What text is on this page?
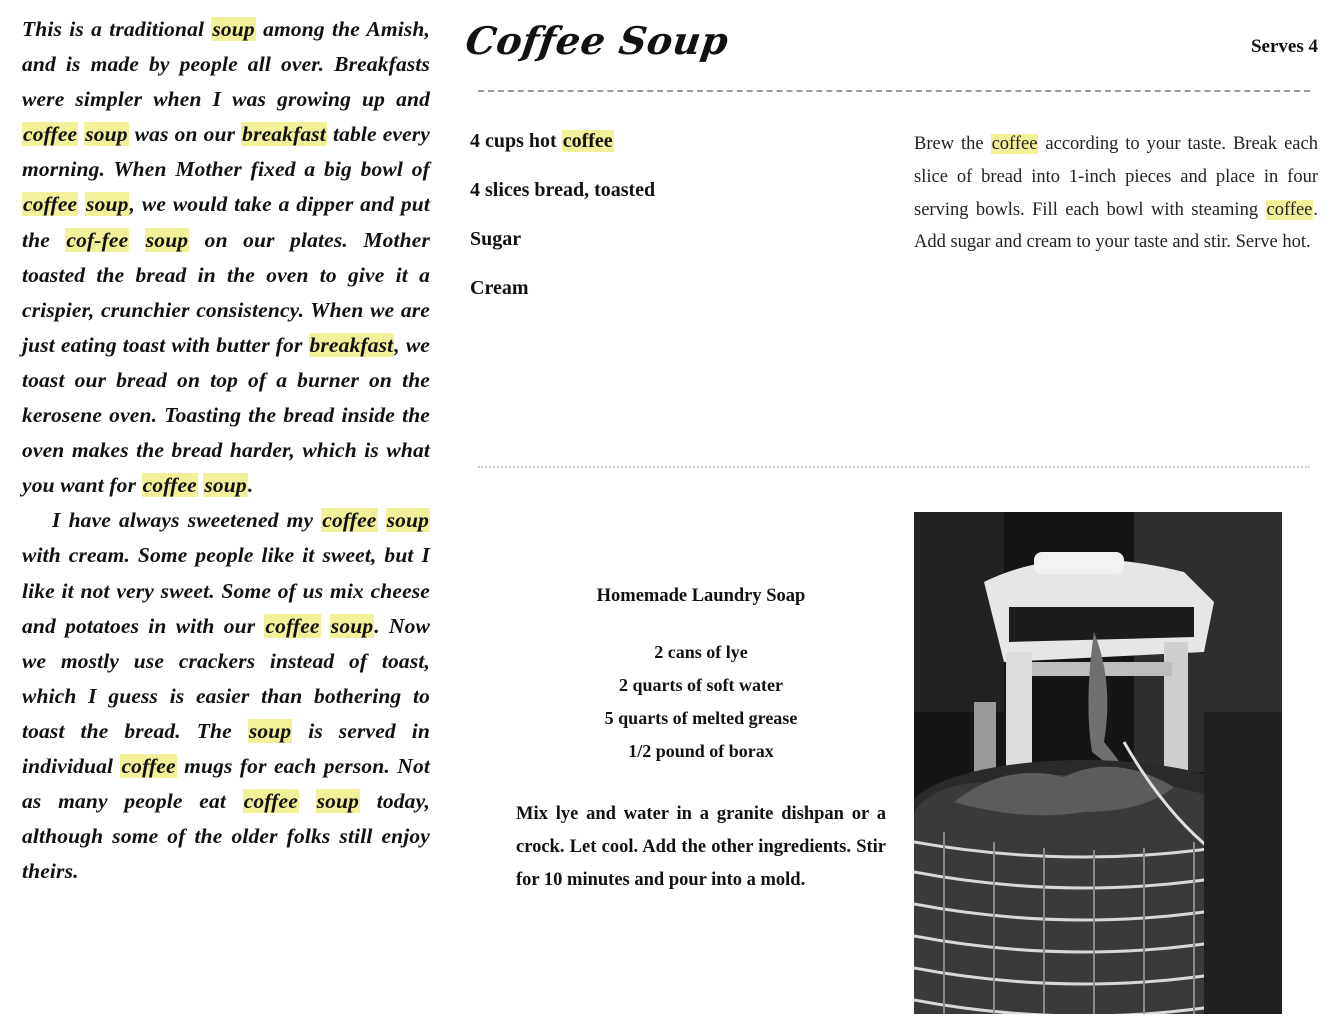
This is a traditional soup among the Amish, and is made by people all over. Breakfasts were simpler when I was growing up and coffee soup was on our breakfast table every morning. When Mother fixed a big bowl of coffee soup, we would take a dipper and put the cof-fee soup on our plates. Mother toasted the bread in the oven to give it a crispier, crunchier consistency. When we are just eating toast with butter for breakfast, we toast our bread on top of a burner on the kerosene oven. Toasting the bread inside the oven makes the bread harder, which is what you want for coffee soup.

I have always sweetened my coffee soup with cream. Some people like it sweet, but I like it not very sweet. Some of us mix cheese and potatoes in with our coffee soup. Now we mostly use crackers instead of toast, which I guess is easier than bothering to toast the bread. The soup is served in individual coffee mugs for each person. Not as many people eat coffee soup today, although some of the older folks still enjoy theirs.

Coffee Soup	Serves 4
4 cups hot coffee
4 slices bread, toasted
Sugar
Cream

Brew the coffee according to your taste. Break each slice of bread into 1-inch pieces and place in four serving bowls. Fill each bowl with steaming coffee. Add sugar and cream to your taste and stir. Serve hot.

Homemade Laundry Soap
2 cans of lye
2 quarts of soft water
5 quarts of melted grease
1/2 pound of borax

Mix lye and water in a granite dishpan or a crock. Let cool. Add the other ingredients. Stir for 10 minutes and pour into a mold.
